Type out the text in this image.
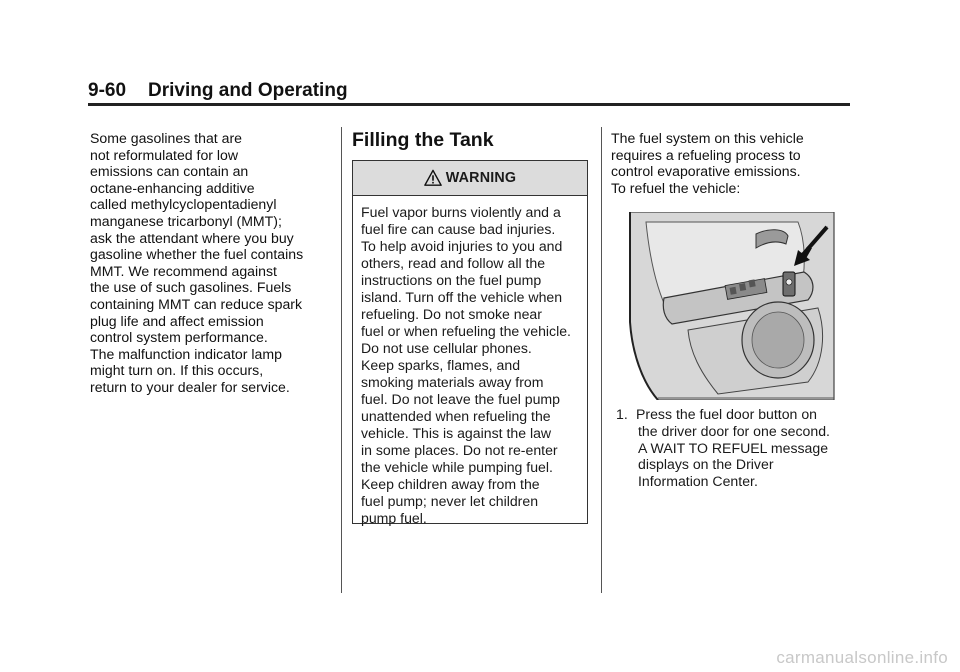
9-60 Driving and Operating
Some gasolines that are
not reformulated for low
emissions can contain an
octane-enhancing additive
called methylcyclopentadienyl
manganese tricarbonyl (MMT);
ask the attendant where you buy
gasoline whether the fuel contains
MMT. We recommend against
the use of such gasolines. Fuels
containing MMT can reduce spark
plug life and affect emission
control system performance.
The malfunction indicator lamp
might turn on. If this occurs,
return to your dealer for service.
Filling the Tank
WARNING
Fuel vapor burns violently and a
fuel fire can cause bad injuries.
To help avoid injuries to you and
others, read and follow all the
instructions on the fuel pump
island. Turn off the vehicle when
refueling. Do not smoke near
fuel or when refueling the vehicle.
Do not use cellular phones.
Keep sparks, flames, and
smoking materials away from
fuel. Do not leave the fuel pump
unattended when refueling the
vehicle. This is against the law
in some places. Do not re-enter
the vehicle while pumping fuel.
Keep children away from the
fuel pump; never let children
pump fuel.
The fuel system on this vehicle
requires a refueling process to
control evaporative emissions.
To refuel the vehicle:
1. Press the fuel door button on
the driver door for one second.
A WAIT TO REFUEL message
displays on the Driver
Information Center.
carmanualsonline.info
